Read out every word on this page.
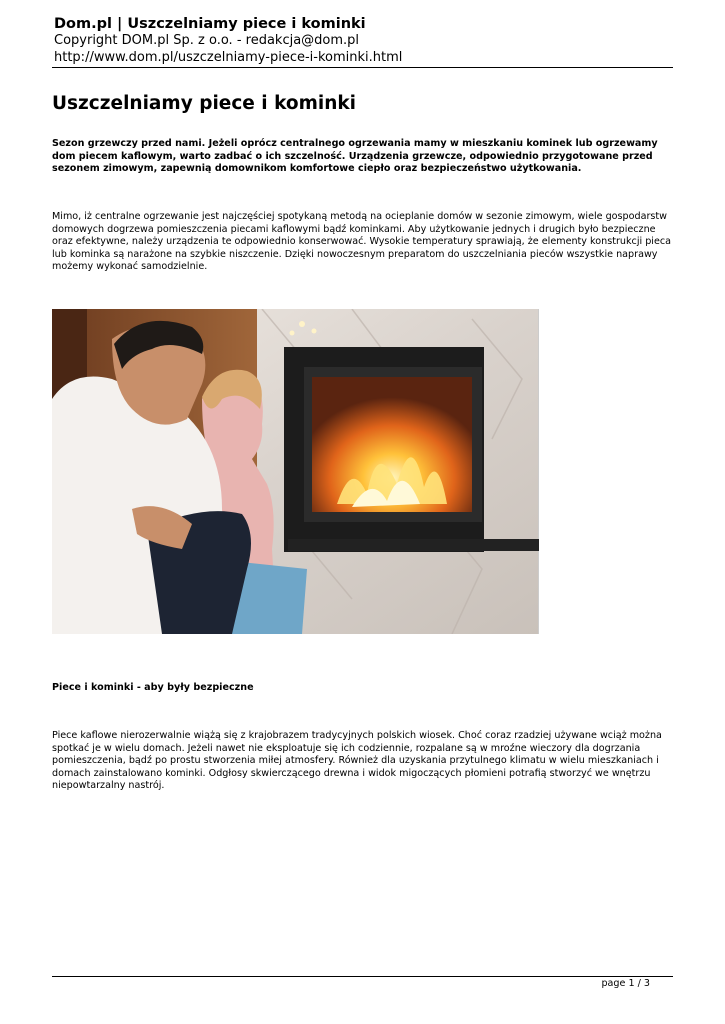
Dom.pl | Uszczelniamy piece i kominki
Copyright DOM.pl Sp. z o.o. - redakcja@dom.pl
http://www.dom.pl/uszczelniamy-piece-i-kominki.html
Uszczelniamy piece i kominki

Sezon grzewczy przed nami. Jeżeli oprócz centralnego ogrzewania mamy w mieszkaniu kominek lub ogrzewamy dom piecem kaflowym, warto zadbać o ich szczelność. Urządzenia grzewcze, odpowiednio przygotowane przed sezonem zimowym, zapewnią domownikom komfortowe ciepło oraz bezpieczeństwo użytkowania.

Mimo, iż centralne ogrzewanie jest najczęściej spotykaną metodą na ocieplanie domów w sezonie zimowym, wiele gospodarstw domowych dogrzewa pomieszczenia piecami kaflowymi bądź kominkami. Aby użytkowanie jednych i drugich było bezpieczne oraz efektywne, należy urządzenia te odpowiednio konserwować. Wysokie temperatury sprawiają, że elementy konstrukcji pieca lub kominka są narażone na szybkie niszczenie. Dzięki nowoczesnym preparatom do uszczelniania pieców wszystkie naprawy możemy wykonać samodzielnie.

Piece i kominki - aby były bezpieczne

Piece kaflowe nierozerwalnie wiążą się z krajobrazem tradycyjnych polskich wiosek. Choć coraz rzadziej używane wciąż można spotkać je w wielu domach. Jeżeli nawet nie eksploatuje się ich codziennie, rozpalane są w mroźne wieczory dla dogrzania pomieszczenia, bądź po prostu stworzenia miłej atmosfery. Również dla uzyskania przytulnego klimatu w wielu mieszkaniach i domach zainstalowano kominki. Odgłosy skwierczącego drewna i widok migoczących płomieni potrafią stworzyć we wnętrzu niepowtarzalny nastrój.

page 1 / 3
